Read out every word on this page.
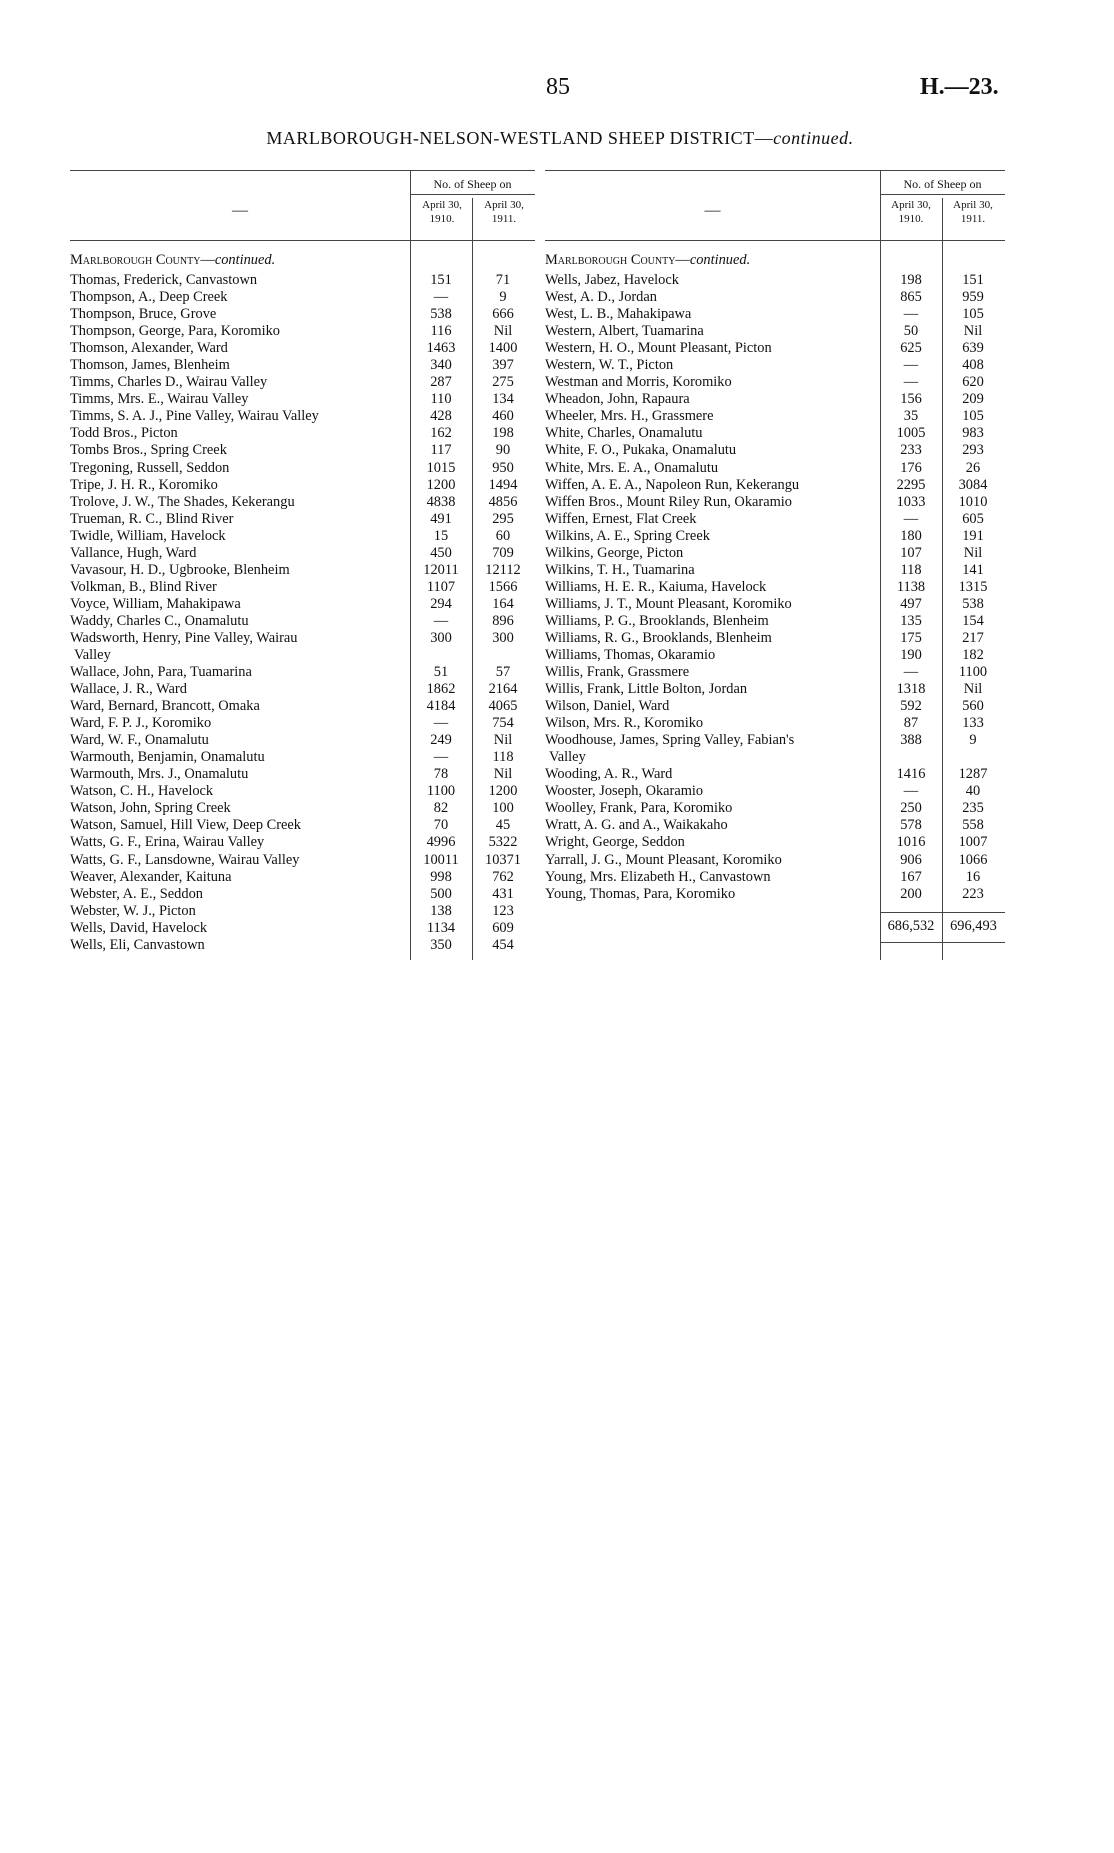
85	H.—23.
MARLBOROUGH-NELSON-WESTLAND SHEEP DISTRICT—continued.
—
No. of Sheep on
April 30, 1910.
April 30, 1911.
Marlborough County—continued.
Thomas, Frederick, Canvastown	151	71
Thompson, A., Deep Creek	—	9
Thompson, Bruce, Grove	538	666
Thompson, George, Para, Koromiko	116	Nil
Thomson, Alexander, Ward	1463	1400
Thomson, James, Blenheim	340	397
Timms, Charles D., Wairau Valley	287	275
Timms, Mrs. E., Wairau Valley	110	134
Timms, S. A. J., Pine Valley, Wairau Valley	428	460
Todd Bros., Picton	162	198
Tombs Bros., Spring Creek	117	90
Tregoning, Russell, Seddon	1015	950
Tripe, J. H. R., Koromiko	1200	1494
Trolove, J. W., The Shades, Kekerangu	4838	4856
Trueman, R. C., Blind River	491	295
Twidle, William, Havelock	15	60
Vallance, Hugh, Ward	450	709
Vavasour, H. D., Ugbrooke, Blenheim	12011	12112
Volkman, B., Blind River	1107	1566
Voyce, William, Mahakipawa	294	164
Waddy, Charles C., Onamalutu	—	896
Wadsworth, Henry, Pine Valley, Wairau
Valley
300	300
Wallace, John, Para, Tuamarina	51	57
Wallace, J. R., Ward	1862	2164
Ward, Bernard, Brancott, Omaka	4184	4065
Ward, F. P. J., Koromiko	—	754
Ward, W. F., Onamalutu	249	Nil
Warmouth, Benjamin, Onamalutu	—	118
Warmouth, Mrs. J., Onamalutu	78	Nil
Watson, C. H., Havelock	1100	1200
Watson, John, Spring Creek	82	100
Watson, Samuel, Hill View, Deep Creek	70	45
Watts, G. F., Erina, Wairau Valley	4996	5322
Watts, G. F., Lansdowne, Wairau Valley	10011	10371
Weaver, Alexander, Kaituna	998	762
Webster, A. E., Seddon	500	431
Webster, W. J., Picton	138	123
Wells, David, Havelock	1134	609
Wells, Eli, Canvastown	350	454
—
No. of Sheep on
April 30, 1910.
April 30, 1911.
Marlborough County—continued.
Wells, Jabez, Havelock	198	151
West, A. D., Jordan	865	959
West, L. B., Mahakipawa	—	105
Western, Albert, Tuamarina	50	Nil
Western, H. O., Mount Pleasant, Picton	625	639
Western, W. T., Picton	—	408
Westman and Morris, Koromiko	—	620
Wheadon, John, Rapaura	156	209
Wheeler, Mrs. H., Grassmere	35	105
White, Charles, Onamalutu	1005	983
White, F. O., Pukaka, Onamalutu	233	293
White, Mrs. E. A., Onamalutu	176	26
Wiffen, A. E. A., Napoleon Run, Kekerangu	2295	3084
Wiffen Bros., Mount Riley Run, Okaramio	1033	1010
Wiffen, Ernest, Flat Creek	—	605
Wilkins, A. E., Spring Creek	180	191
Wilkins, George, Picton	107	Nil
Wilkins, T. H., Tuamarina	118	141
Williams, H. E. R., Kaiuma, Havelock	1138	1315
Williams, J. T., Mount Pleasant, Koromiko	497	538
Williams, P. G., Brooklands, Blenheim	135	154
Williams, R. G., Brooklands, Blenheim	175	217
Williams, Thomas, Okaramio	190	182
Willis, Frank, Grassmere	—	1100
Willis, Frank, Little Bolton, Jordan	1318	Nil
Wilson, Daniel, Ward	592	560
Wilson, Mrs. R., Koromiko	87	133
Woodhouse, James, Spring Valley, Fabian's
Valley
388	9
Wooding, A. R., Ward	1416	1287
Wooster, Joseph, Okaramio	—	40
Woolley, Frank, Para, Koromiko	250	235
Wratt, A. G. and A., Waikakaho	578	558
Wright, George, Seddon	1016	1007
Yarrall, J. G., Mount Pleasant, Koromiko	906	1066
Young, Mrs. Elizabeth H., Canvastown	167	16
Young, Thomas, Para, Koromiko	200	223
686,532	696,493
